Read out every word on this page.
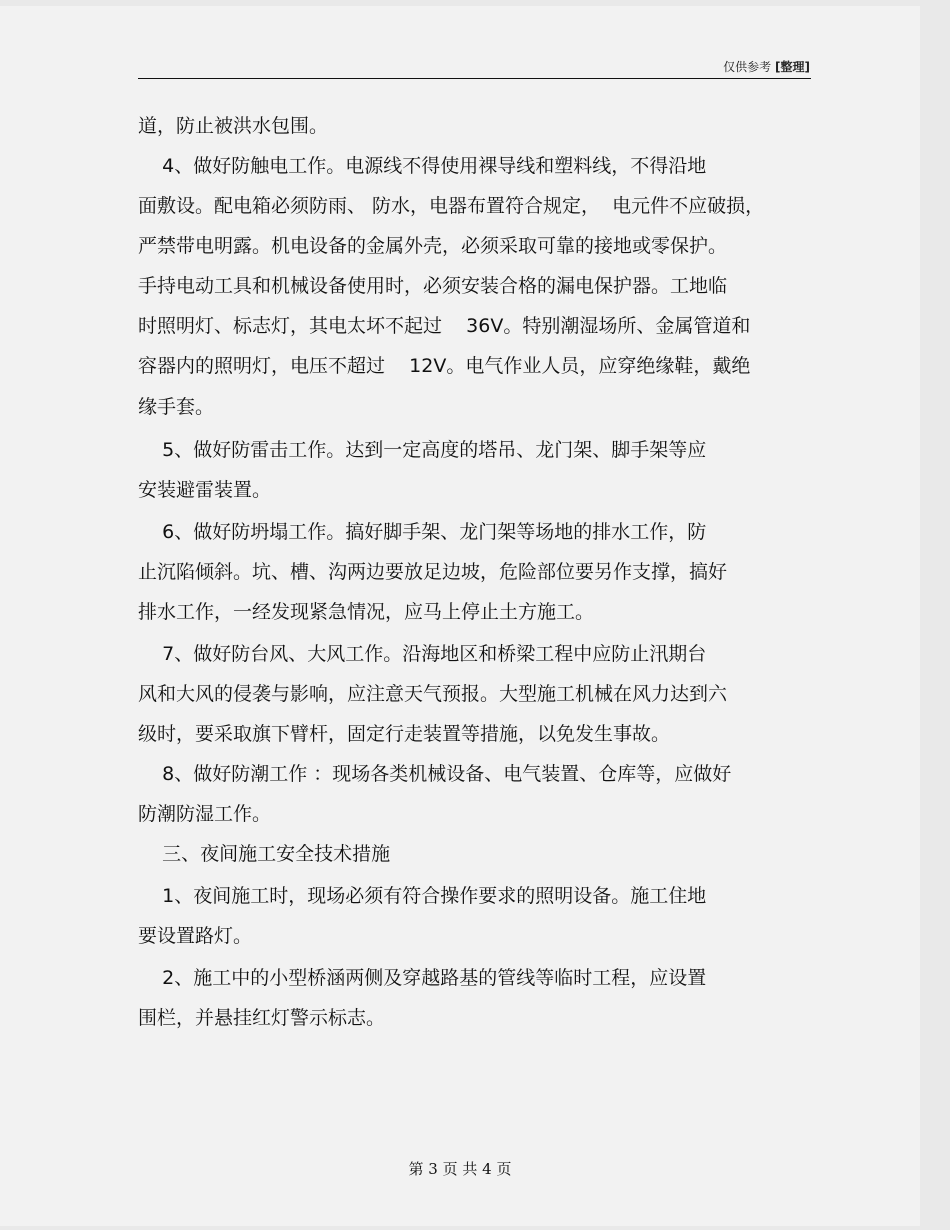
仅供参考 [整理]
道，防止被洪水包围。
4、做好防触电工作。电源线不得使用裸导线和塑料线，不得沿地
面敷设。配电箱必须防雨、 防水，电器布置符合规定，  电元件不应破损，
严禁带电明露。机电设备的金属外壳，必须采取可靠的接地或零保护。
手持电动工具和机械设备使用时，必须安装合格的漏电保护器。工地临
时照明灯、标志灯，其电太坏不起过    36V。特别潮湿场所、金属管道和
容器内的照明灯，电压不超过    12V。电气作业人员，应穿绝缘鞋，戴绝
缘手套。
5、做好防雷击工作。达到一定高度的塔吊、龙门架、脚手架等应
安装避雷装置。
6、做好防坍塌工作。搞好脚手架、龙门架等场地的排水工作，防
止沉陷倾斜。坑、槽、沟两边要放足边坡，危险部位要另作支撑，搞好
排水工作，一经发现紧急情况，应马上停止土方施工。
7、做好防台风、大风工作。沿海地区和桥梁工程中应防止汛期台
风和大风的侵袭与影响，应注意天气预报。大型施工机械在风力达到六
级时，要采取旗下臂杆，固定行走装置等措施，以免发生事故。
8、做好防潮工作 ：现场各类机械设备、电气装置、仓库等，应做好
防潮防湿工作。
三、夜间施工安全技术措施
1、夜间施工时，现场必须有符合操作要求的照明设备。施工住地
要设置路灯。
2、施工中的小型桥涵两侧及穿越路基的管线等临时工程，应设置
围栏，并悬挂红灯警示标志。
第 3 页 共 4 页
